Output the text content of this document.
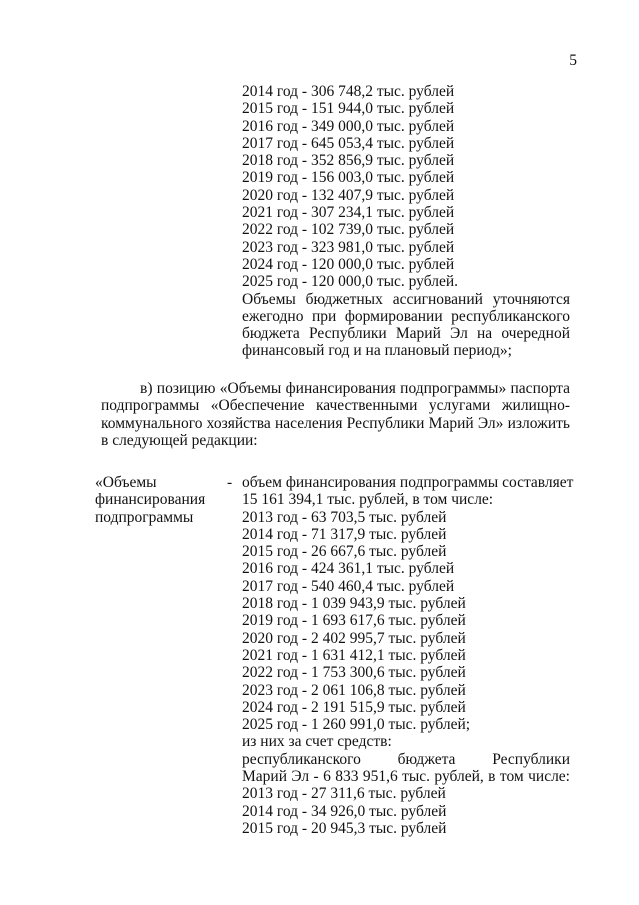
5
2014 год - 306 748,2 тыс. рублей
2015 год - 151 944,0 тыс. рублей
2016 год - 349 000,0 тыс. рублей
2017 год - 645 053,4 тыс. рублей
2018 год - 352 856,9 тыс. рублей
2019 год - 156 003,0 тыс. рублей
2020 год - 132 407,9 тыс. рублей
2021 год - 307 234,1 тыс. рублей
2022 год - 102 739,0 тыс. рублей
2023 год - 323 981,0 тыс. рублей
2024 год - 120 000,0 тыс. рублей
2025 год - 120 000,0 тыс. рублей.
Объемы бюджетных ассигнований уточняются
ежегодно при формировании республиканского
бюджета Республики Марий Эл на очередной
финансовый год и на плановый период»;
в) позицию «Объемы финансирования подпрограммы» паспорта
подпрограммы «Обеспечение качественными услугами жилищно-
коммунального хозяйства населения Республики Марий Эл» изложить
в следующей редакции:
«Объемы
финансирования
подпрограммы
- объем финансирования подпрограммы составляет
15 161 394,1 тыс. рублей, в том числе:
2013 год - 63 703,5 тыс. рублей
2014 год - 71 317,9 тыс. рублей
2015 год - 26 667,6 тыс. рублей
2016 год - 424 361,1 тыс. рублей
2017 год - 540 460,4 тыс. рублей
2018 год - 1 039 943,9 тыс. рублей
2019 год - 1 693 617,6 тыс. рублей
2020 год - 2 402 995,7 тыс. рублей
2021 год - 1 631 412,1 тыс. рублей
2022 год - 1 753 300,6 тыс. рублей
2023 год - 2 061 106,8 тыс. рублей
2024 год - 2 191 515,9 тыс. рублей
2025 год - 1 260 991,0 тыс. рублей;
из них за счет средств:
республиканского бюджета Республики
Марий Эл - 6 833 951,6 тыс. рублей, в том числе:
2013 год - 27 311,6 тыс. рублей
2014 год - 34 926,0 тыс. рублей
2015 год - 20 945,3 тыс. рублей
